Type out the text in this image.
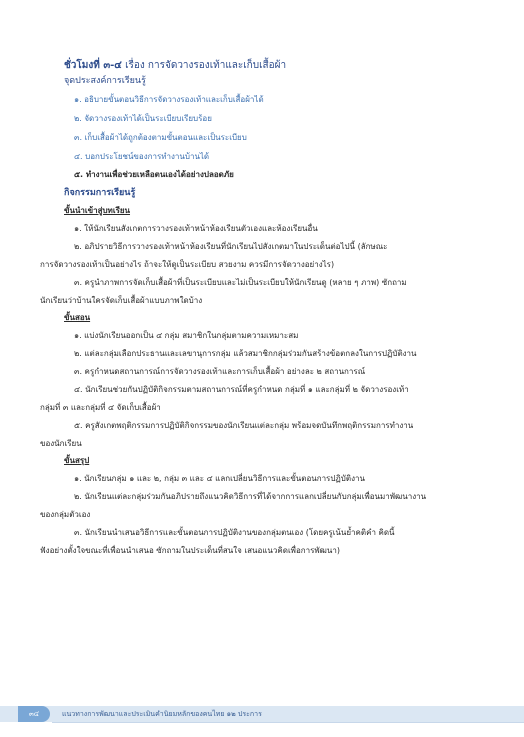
ชั่วโมงที่ ๓-๔ เรื่อง การจัดวางรองเท้าและเก็บเสื้อผ้า
จุดประสงค์การเรียนรู้
๑. อธิบายขั้นตอนวิธีการจัดวางรองเท้าและเก็บเสื้อผ้าได้
๒. จัดวางรองเท้าได้เป็นระเบียบเรียบร้อย
๓. เก็บเสื้อผ้าได้ถูกต้องตามขั้นตอนและเป็นระเบียบ
๔. บอกประโยชน์ของการทำงานบ้านได้
๕. ทำงานเพื่อช่วยเหลือตนเองได้อย่างปลอดภัย
กิจกรรมการเรียนรู้
ขั้นนำเข้าสู่บทเรียน
๑. ให้นักเรียนสังเกตการวางรองเท้าหน้าห้องเรียนตัวเองและห้องเรียนอื่น
๒. อภิปรายวิธีการวางรองเท้าหน้าห้องเรียนที่นักเรียนไปสังเกตมาในประเด็นต่อไปนี้ (ลักษณะ
การจัดวางรองเท้าเป็นอย่างไร ถ้าจะให้ดูเป็นระเบียบ สวยงาม ควรมีการจัดวางอย่างไร)
๓. ครูนำภาพการจัดเก็บเสื้อผ้าที่เป็นระเบียบและไม่เป็นระเบียบให้นักเรียนดู (หลาย ๆ ภาพ) ซักถาม
นักเรียนว่าบ้านใครจัดเก็บเสื้อผ้าแบบภาพใดบ้าง
ขั้นสอน
๑. แบ่งนักเรียนออกเป็น ๔ กลุ่ม สมาชิกในกลุ่มตามความเหมาะสม
๒. แต่ละกลุ่มเลือกประธานและเลขานุการกลุ่ม แล้วสมาชิกกลุ่มร่วมกันสร้างข้อตกลงในการปฏิบัติงาน
๓. ครูกำหนดสถานการณ์การจัดวางรองเท้าและการเก็บเสื้อผ้า อย่างละ ๒ สถานการณ์
๔. นักเรียนช่วยกันปฏิบัติกิจกรรมตามสถานการณ์ที่ครูกำหนด กลุ่มที่ ๑ และกลุ่มที่ ๒ จัดวางรองเท้า
กลุ่มที่ ๓ และกลุ่มที่ ๔ จัดเก็บเสื้อผ้า
๕. ครูสังเกตพฤติกรรมการปฏิบัติกิจกรรมของนักเรียนแต่ละกลุ่ม พร้อมจดบันทึกพฤติกรรมการทำงาน
ของนักเรียน
ขั้นสรุป
๑. นักเรียนกลุ่ม ๑ และ ๒, กลุ่ม ๓ และ ๔ แลกเปลี่ยนวิธีการและขั้นตอนการปฏิบัติงาน
๒. นักเรียนแต่ละกลุ่มร่วมกันอภิปรายถึงแนวคิดวิธีการที่ได้จากการแลกเปลี่ยนกับกลุ่มเพื่อนมาพัฒนางาน
ของกลุ่มตัวเอง
๓. นักเรียนนำเสนอวิธีการและขั้นตอนการปฏิบัติงานของกลุ่มตนเอง (โดยครูเน้นย้ำคติคำ คิดนี้
ฟังอย่างตั้งใจขณะที่เพื่อนนำเสนอ ซักถามในประเด็นที่สนใจ เสนอแนวคิดเพื่อการพัฒนา)
๓๔	แนวทางการพัฒนาและประเมินคำนิยมหลักของคนไทย ๑๒ ประการ
